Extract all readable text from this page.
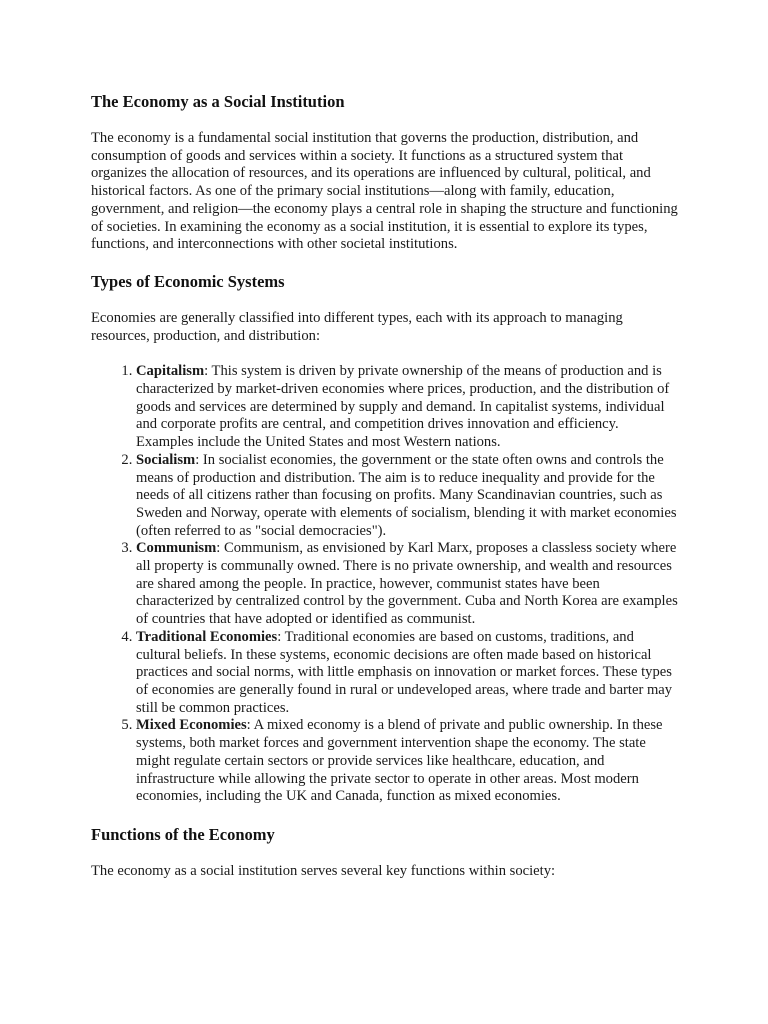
The Economy as a Social Institution

The economy is a fundamental social institution that governs the production, distribution, and consumption of goods and services within a society. It functions as a structured system that organizes the allocation of resources, and its operations are influenced by cultural, political, and historical factors. As one of the primary social institutions—along with family, education, government, and religion—the economy plays a central role in shaping the structure and functioning of societies. In examining the economy as a social institution, it is essential to explore its types, functions, and interconnections with other societal institutions.

Types of Economic Systems

Economies are generally classified into different types, each with its approach to managing resources, production, and distribution:

1. Capitalism: This system is driven by private ownership of the means of production and is characterized by market-driven economies where prices, production, and the distribution of goods and services are determined by supply and demand. In capitalist systems, individual and corporate profits are central, and competition drives innovation and efficiency. Examples include the United States and most Western nations.
2. Socialism: In socialist economies, the government or the state often owns and controls the means of production and distribution. The aim is to reduce inequality and provide for the needs of all citizens rather than focusing on profits. Many Scandinavian countries, such as Sweden and Norway, operate with elements of socialism, blending it with market economies (often referred to as "social democracies").
3. Communism: Communism, as envisioned by Karl Marx, proposes a classless society where all property is communally owned. There is no private ownership, and wealth and resources are shared among the people. In practice, however, communist states have been characterized by centralized control by the government. Cuba and North Korea are examples of countries that have adopted or identified as communist.
4. Traditional Economies: Traditional economies are based on customs, traditions, and cultural beliefs. In these systems, economic decisions are often made based on historical practices and social norms, with little emphasis on innovation or market forces. These types of economies are generally found in rural or undeveloped areas, where trade and barter may still be common practices.
5. Mixed Economies: A mixed economy is a blend of private and public ownership. In these systems, both market forces and government intervention shape the economy. The state might regulate certain sectors or provide services like healthcare, education, and infrastructure while allowing the private sector to operate in other areas. Most modern economies, including the UK and Canada, function as mixed economies.
Functions of the Economy

The economy as a social institution serves several key functions within society:
